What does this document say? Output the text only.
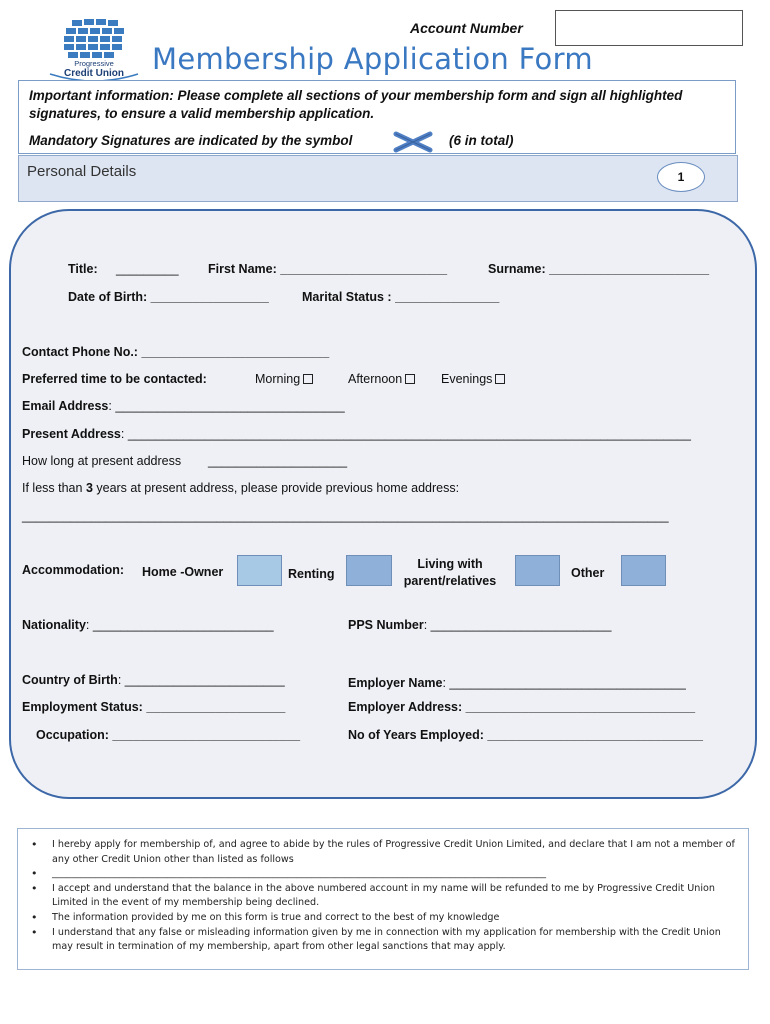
Progressive
Credit Union
Account Number
Membership Application Form
Important information: Please complete all sections of your membership form and sign all highlighted signatures, to ensure a valid membership application.
Mandatory Signatures are indicated by the symbol	(6 in total)
Personal Details	1
Title: _________ First Name: ________________________	Surname: _______________________
Date of Birth: _________________	Marital Status : _______________
Contact Phone No.: ___________________________
Preferred time to be contacted:	Morning	Afternoon	Evenings
Email Address: _________________________________
Present Address: _________________________________________________________________________________
How long at present address ____________________
If less than 3 years at present address, please provide previous home address:
_____________________________________________________________________________________________
Accommodation: Home -Owner	Renting
Living with
parent/relatives
Other
Nationality: __________________________	PPS Number: __________________________
Country of Birth: _______________________	Employer Name: __________________________________
Employment Status: ____________________	Employer Address: _________________________________
Occupation: ___________________________	No of Years Employed: _______________________________
• I hereby apply for membership of, and agree to abide by the rules of Progressive Credit Union Limited, and declare that I am not a member of any other Credit Union other than listed as follows
• _______________________________________________________________________________________________________
• I accept and understand that the balance in the above numbered account in my name will be refunded to me by Progressive Credit Union Limited in the event of my membership being declined.
• The information provided by me on this form is true and correct to the best of my knowledge
• I understand that any false or misleading information given by me in connection with my application for membership with the Credit Union may result in termination of my membership, apart from other legal sanctions that may apply.
